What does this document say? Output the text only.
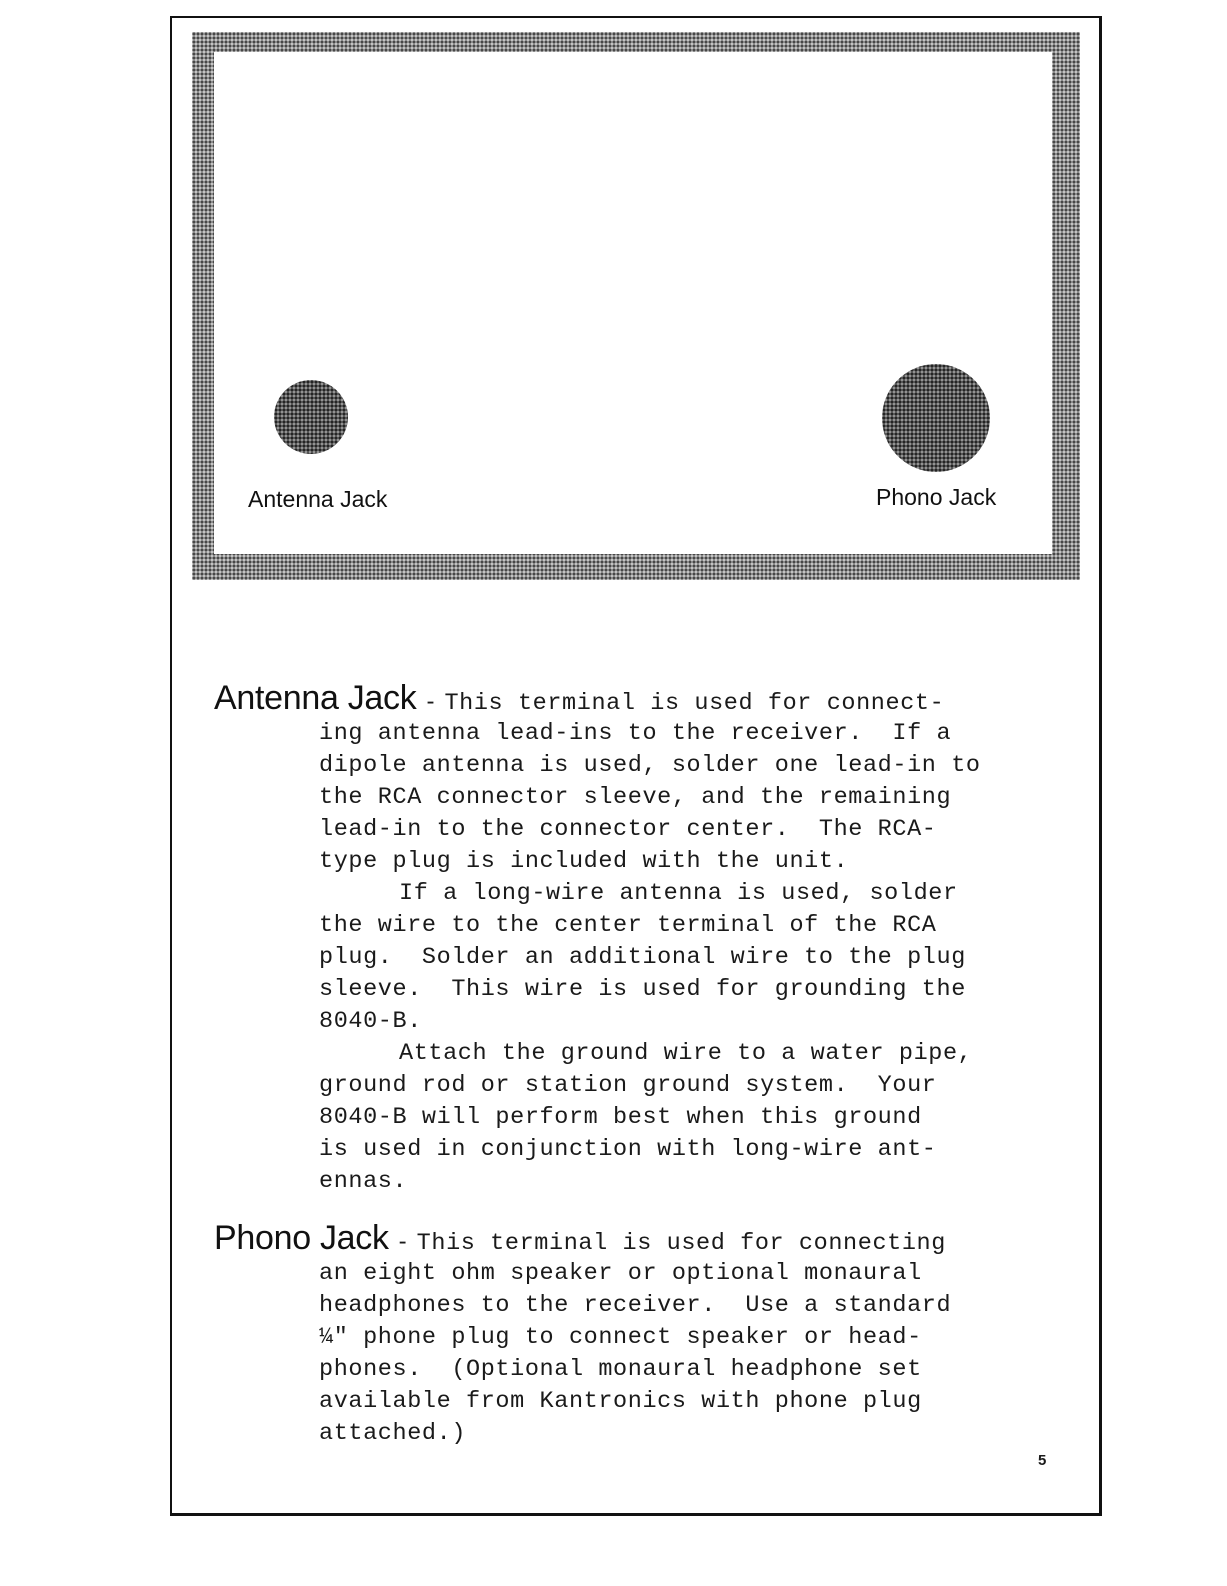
Antenna Jack	Phono Jack
Antenna Jack - This terminal is used for connect-
ing antenna lead-ins to the receiver.  If a
dipole antenna is used, solder one lead-in to
the RCA connector sleeve, and the remaining
lead-in to the connector center.  The RCA-
type plug is included with the unit.
If a long-wire antenna is used, solder
the wire to the center terminal of the RCA
plug.  Solder an additional wire to the plug
sleeve.  This wire is used for grounding the
8040-B.
Attach the ground wire to a water pipe,
ground rod or station ground system.  Your
8040-B will perform best when this ground
is used in conjunction with long-wire ant-
ennas.
Phono Jack - This terminal is used for connecting
an eight ohm speaker or optional monaural
headphones to the receiver.  Use a standard
¼" phone plug to connect speaker or head-
phones.  (Optional monaural headphone set
available from Kantronics with phone plug
attached.)
5
